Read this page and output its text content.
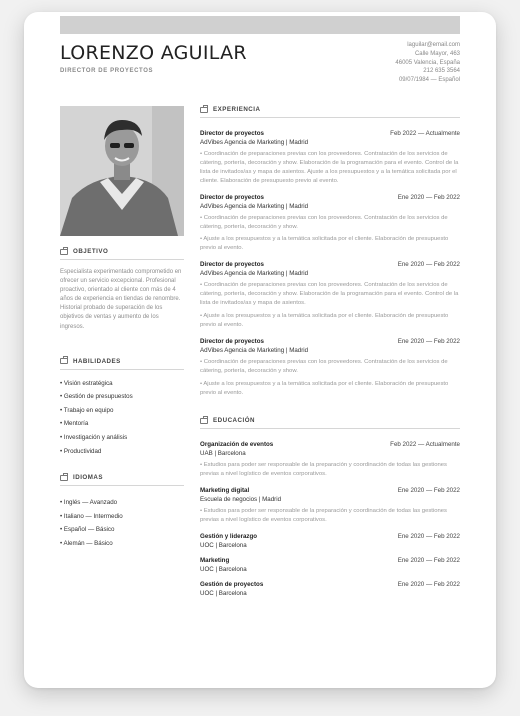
LORENZO AGUILAR
DIRECTOR DE PROYECTOS
laguilar@email.com
Calle Mayor, 463
46005 Valencia, España
212 635 3564
09/07/1984 — Español
OBJETIVO
Especialista experimentado comprometido en ofrecer un servicio excepcional. Profesional proactivo, orientado al cliente con más de 4 años de experiencia en tiendas de renombre. Historial probado de superación de los objetivos de ventas y aumento de los ingresos.
HABILIDADES
• Visión estratégica
• Gestión de presupuestos
• Trabajo en equipo
• Mentoría
• Investigación y análisis
• Productividad
IDIOMAS
• Inglés — Avanzado
• Italiano — Intermedio
• Español — Básico
• Alemán — Básico
EXPERIENCIA
Director de proyectos	Feb 2022 — Actualmente
AdVibes Agencia de Marketing | Madrid
• Coordinación de preparaciones previas con los proveedores. Contratación de los servicios de cátering, portería, decoración y show. Elaboración de la programación para el evento. Control de la lista de invitados/as y mapa de asientos. Ajuste a los presupuestos y a la temática solicitada por el cliente. Elaboración de presupuesto previo al evento.
Director de proyectos	Ene 2020 — Feb 2022
AdVibes Agencia de Marketing | Madrid
• Coordinación de preparaciones previas con los proveedores. Contratación de los servicios de cátering, portería, decoración y show.
• Ajuste a los presupuestos y a la temática solicitada por el cliente. Elaboración de presupuesto previo al evento.
Director de proyectos	Ene 2020 — Feb 2022
AdVibes Agencia de Marketing | Madrid
• Coordinación de preparaciones previas con los proveedores. Contratación de los servicios de cátering, portería, decoración y show. Elaboración de la programación para el evento. Control de la lista de invitados/as y mapa de asientos.
• Ajuste a los presupuestos y a la temática solicitada por el cliente. Elaboración de presupuesto previo al evento.
Director de proyectos	Ene 2020 — Feb 2022
AdVibes Agencia de Marketing | Madrid
• Coordinación de preparaciones previas con los proveedores. Contratación de los servicios de cátering, portería, decoración y show.
• Ajuste a los presupuestos y a la temática solicitada por el cliente. Elaboración de presupuesto previo al evento.
EDUCACIÓN
Organización de eventos	Feb 2022 — Actualmente
UAB | Barcelona
• Estudios para poder ser responsable de la preparación y coordinación de todas las gestiones previas a nivel logístico de eventos corporativos.
Marketing digital	Ene 2020 — Feb 2022
Escuela de negocios | Madrid
• Estudios para poder ser responsable de la preparación y coordinación de todas las gestiones previas a nivel logístico de eventos corporativos.
Gestión y liderazgo	Ene 2020 — Feb 2022
UOC | Barcelona
Marketing	Ene 2020 — Feb 2022
UOC | Barcelona
Gestión de proyectos	Ene 2020 — Feb 2022
UOC | Barcelona
